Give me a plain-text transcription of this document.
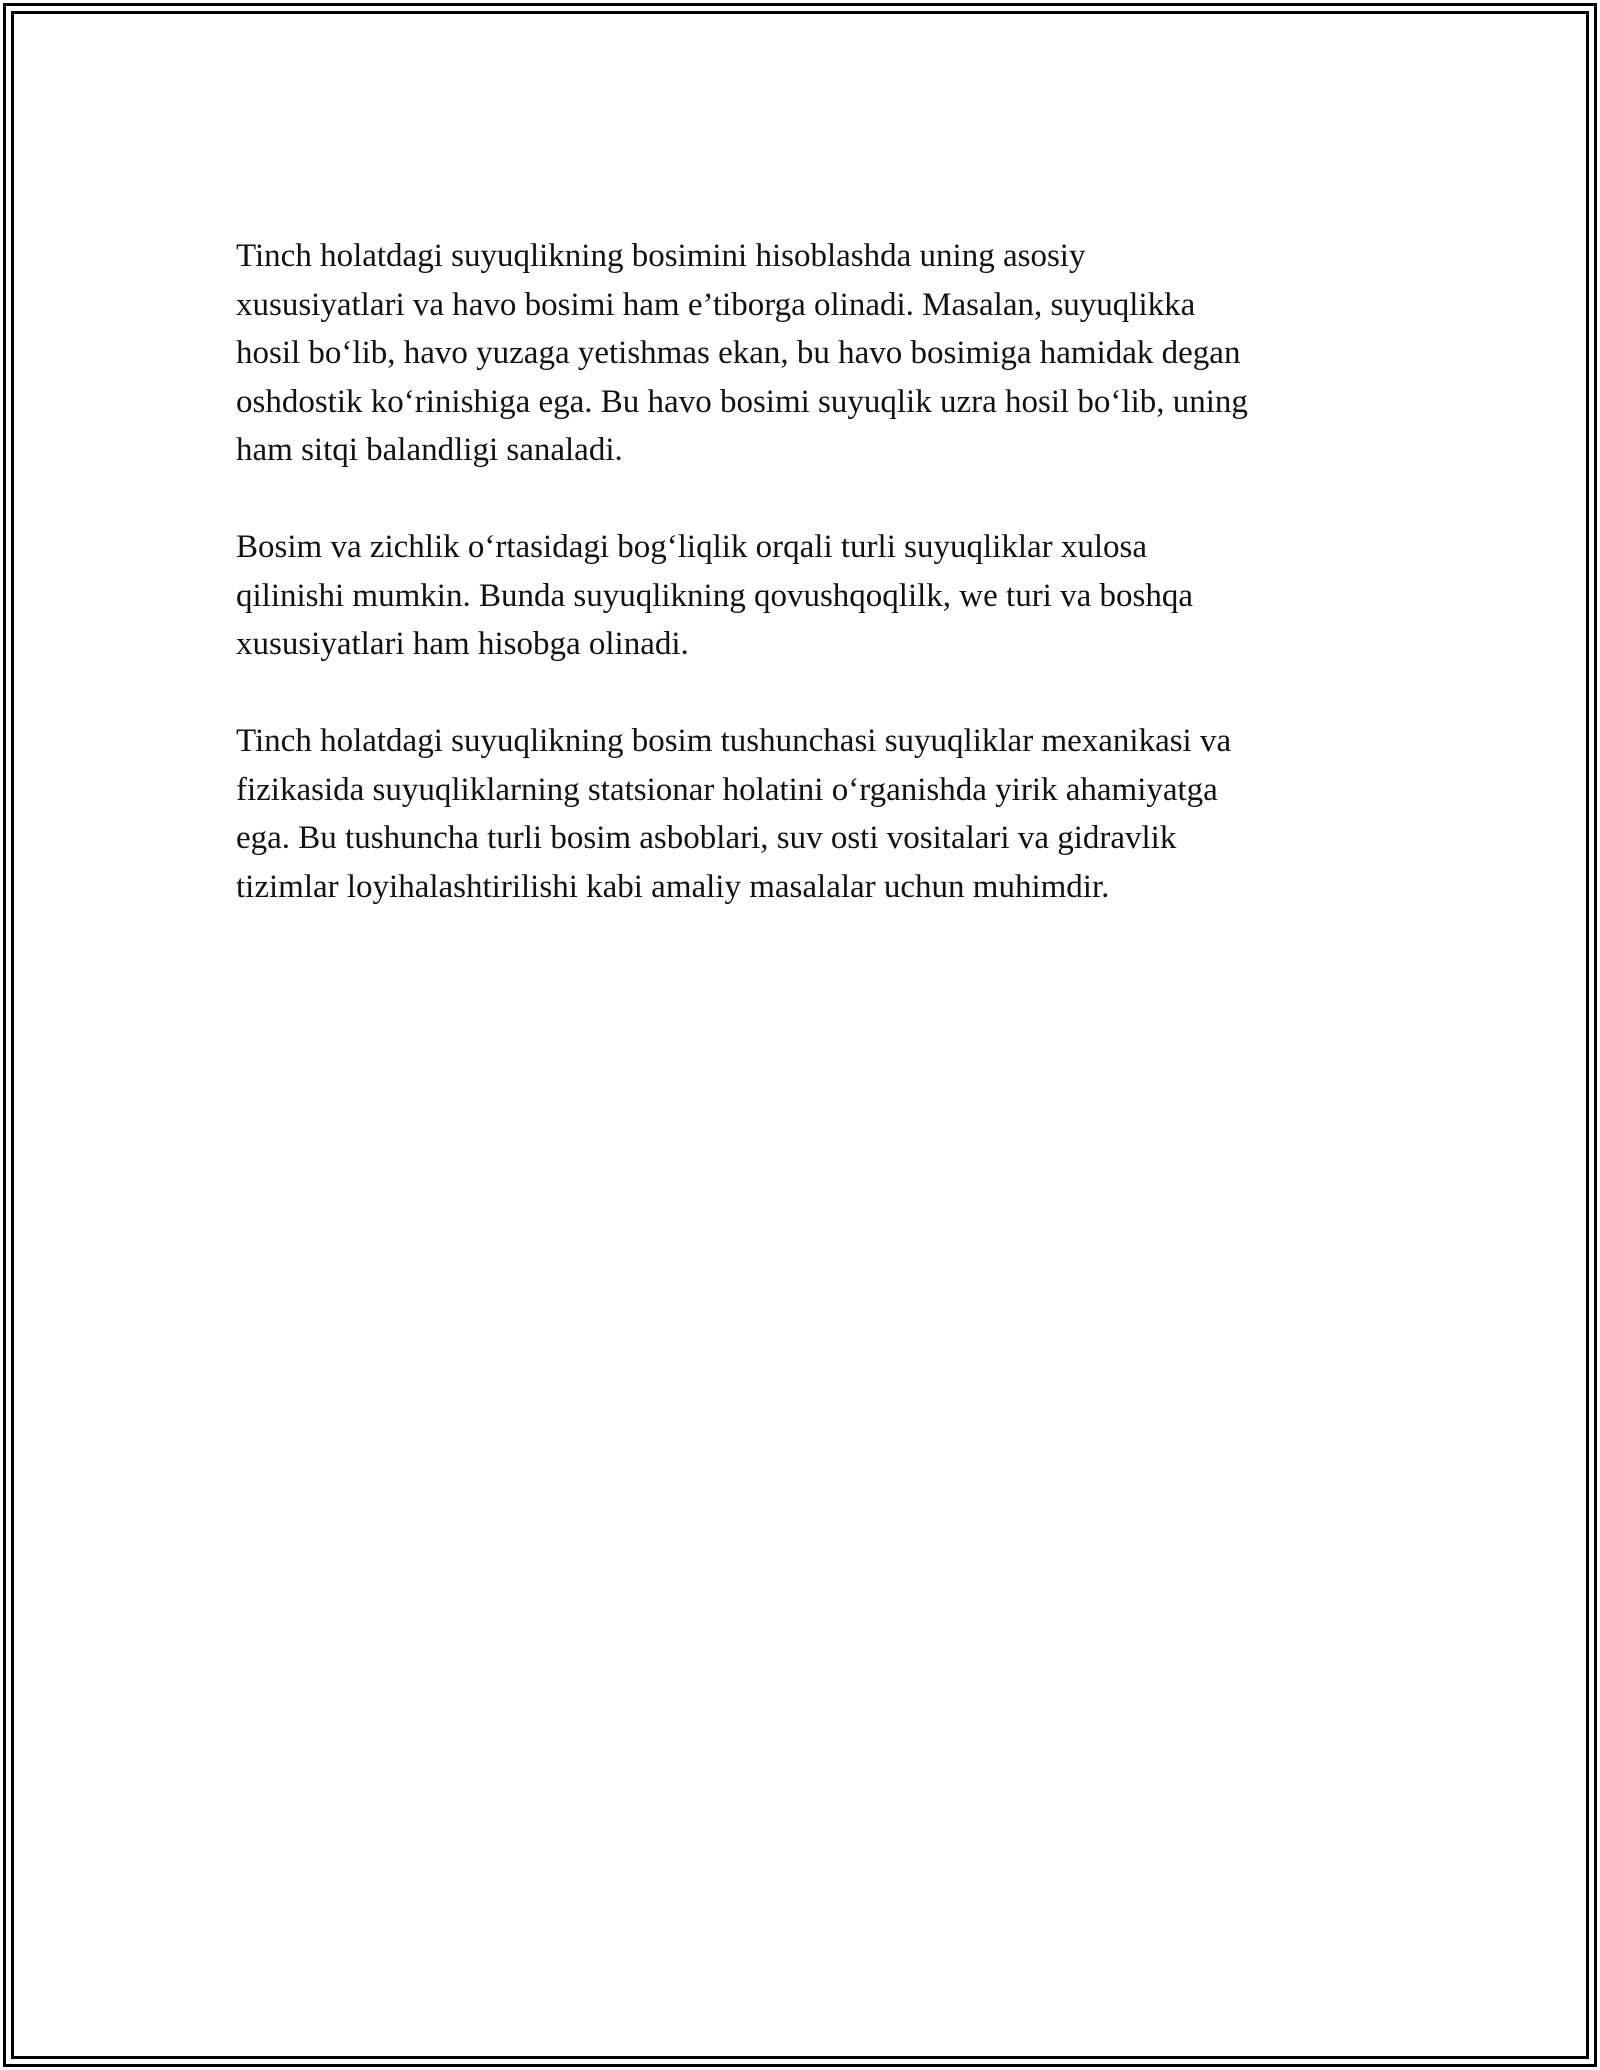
Tinch holatdagi suyuqlikning bosimini hisoblashda uning asosiy
xususiyatlari va havo bosimi ham e’tiborga olinadi. Masalan, suyuqlikka
hosil bo‘lib, havo yuzaga yetishmas ekan, bu havo bosimiga hamidak degan
oshdostik ko‘rinishiga ega. Bu havo bosimi suyuqlik uzra hosil bo‘lib, uning
ham sitqi balandligi sanaladi.

Bosim va zichlik o‘rtasidagi bog‘liqlik orqali turli suyuqliklar xulosa
qilinishi mumkin. Bunda suyuqlikning qovushqoqlilk, we turi va boshqa
xususiyatlari ham hisobga olinadi.

Tinch holatdagi suyuqlikning bosim tushunchasi suyuqliklar mexanikasi va
fizikasida suyuqliklarning statsionar holatini o‘rganishda yirik ahamiyatga
ega. Bu tushuncha turli bosim asboblari, suv osti vositalari va gidravlik
tizimlar loyihalashtirilishi kabi amaliy masalalar uchun muhimdir.
